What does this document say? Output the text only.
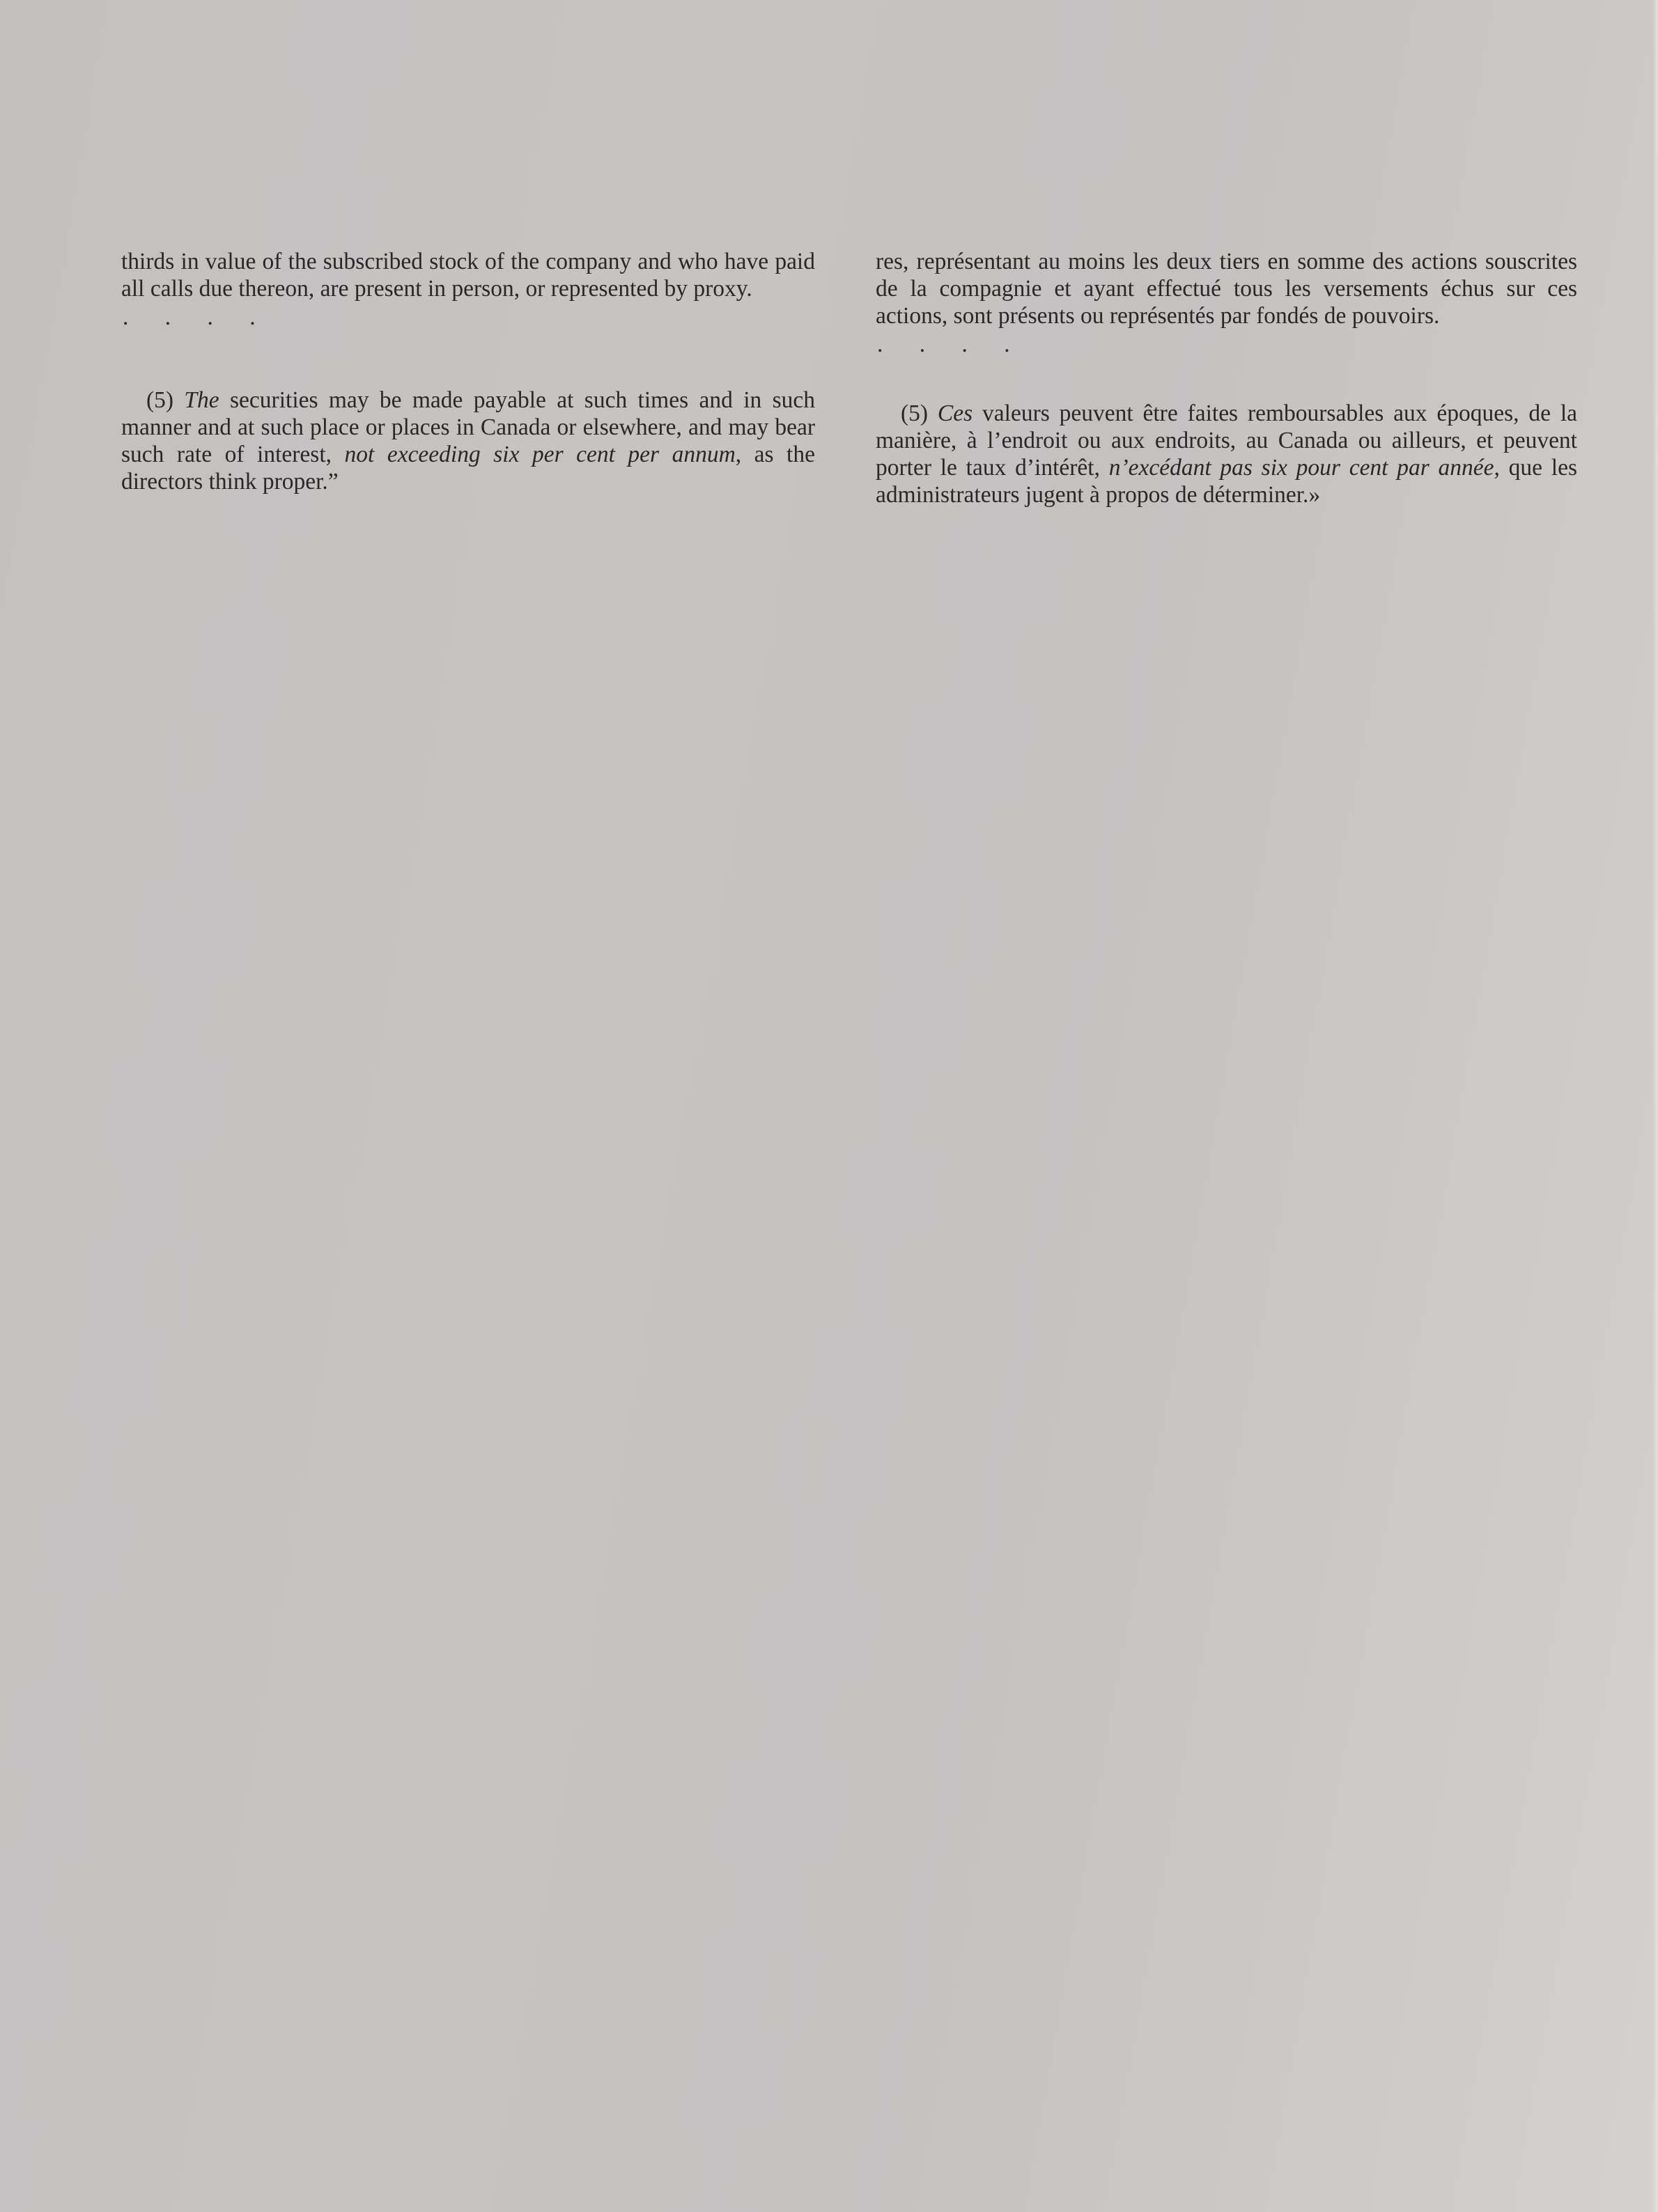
thirds in value of the subscribed stock of the company and who have paid all calls due thereon, are present in person, or represented by proxy.

. . . .

(5) The securities may be made payable at such times and in such manner and at such place or places in Canada or elsewhere, and may bear such rate of interest, not exceeding six per cent per annum, as the directors think proper.”

res, représentant au moins les deux tiers en somme des actions souscrites de la compagnie et ayant effectué tous les versements échus sur ces actions, sont présents ou représentés par fondés de pouvoirs.

. . . .

(5) Ces valeurs peuvent être faites remboursables aux époques, de la manière, à l’endroit ou aux endroits, au Canada ou ailleurs, et peuvent porter le taux d’intérêt, n’excédant pas six pour cent par année, que les administrateurs jugent à propos de déterminer.»
